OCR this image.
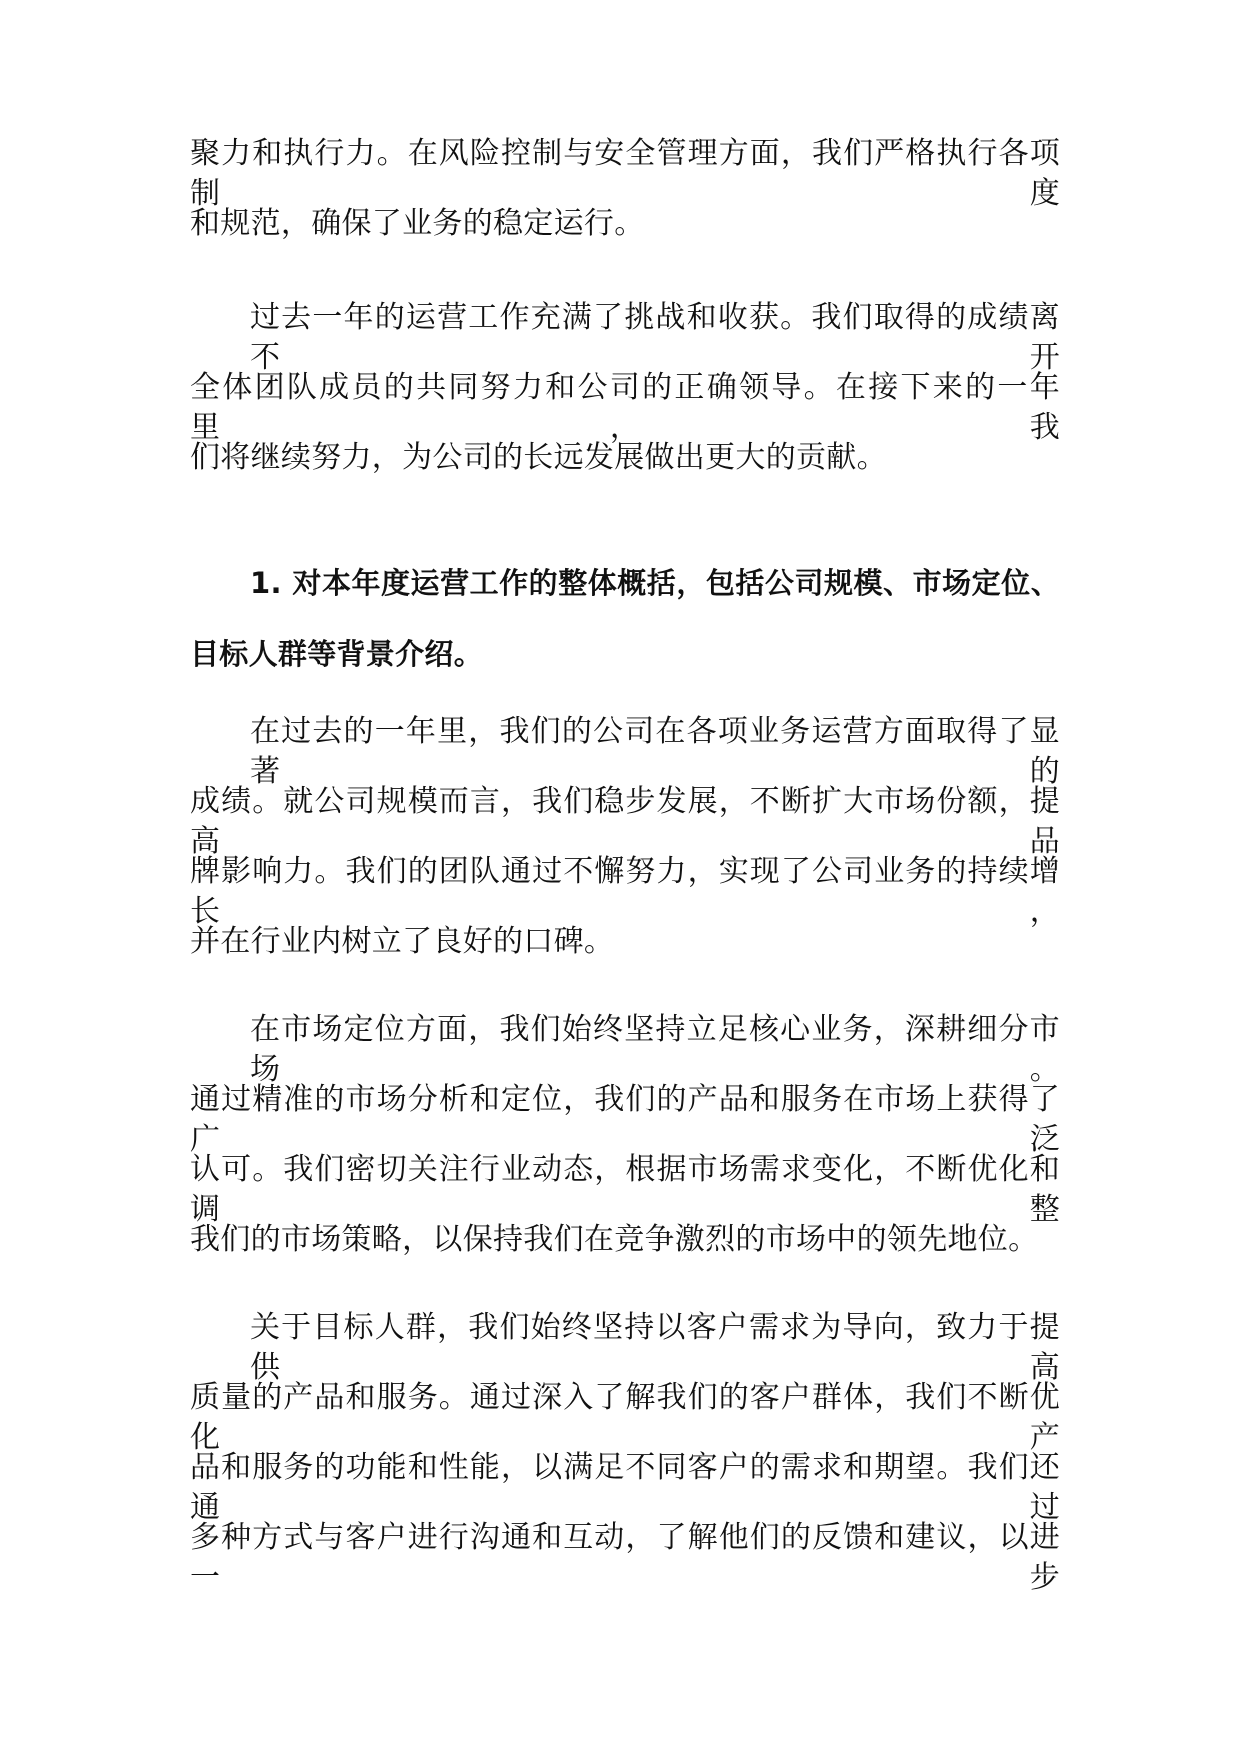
聚力和执行力。在风险控制与安全管理方面，我们严格执行各项制度
和规范，确保了业务的稳定运行。
过去一年的运营工作充满了挑战和收获。我们取得的成绩离不开
全体团队成员的共同努力和公司的正确领导。在接下来的一年里，我
们将继续努力，为公司的长远发展做出更大的贡献。
1. 对本年度运营工作的整体概括，包括公司规模、市场定位、
目标人群等背景介绍。
在过去的一年里，我们的公司在各项业务运营方面取得了显著的
成绩。就公司规模而言，我们稳步发展，不断扩大市场份额，提高品
牌影响力。我们的团队通过不懈努力，实现了公司业务的持续增长，
并在行业内树立了良好的口碑。
在市场定位方面，我们始终坚持立足核心业务，深耕细分市场。
通过精准的市场分析和定位，我们的产品和服务在市场上获得了广泛
认可。我们密切关注行业动态，根据市场需求变化，不断优化和调整
我们的市场策略，以保持我们在竞争激烈的市场中的领先地位。
关于目标人群，我们始终坚持以客户需求为导向，致力于提供高
质量的产品和服务。通过深入了解我们的客户群体，我们不断优化产
品和服务的功能和性能，以满足不同客户的需求和期望。我们还通过
多种方式与客户进行沟通和互动，了解他们的反馈和建议，以进一步
